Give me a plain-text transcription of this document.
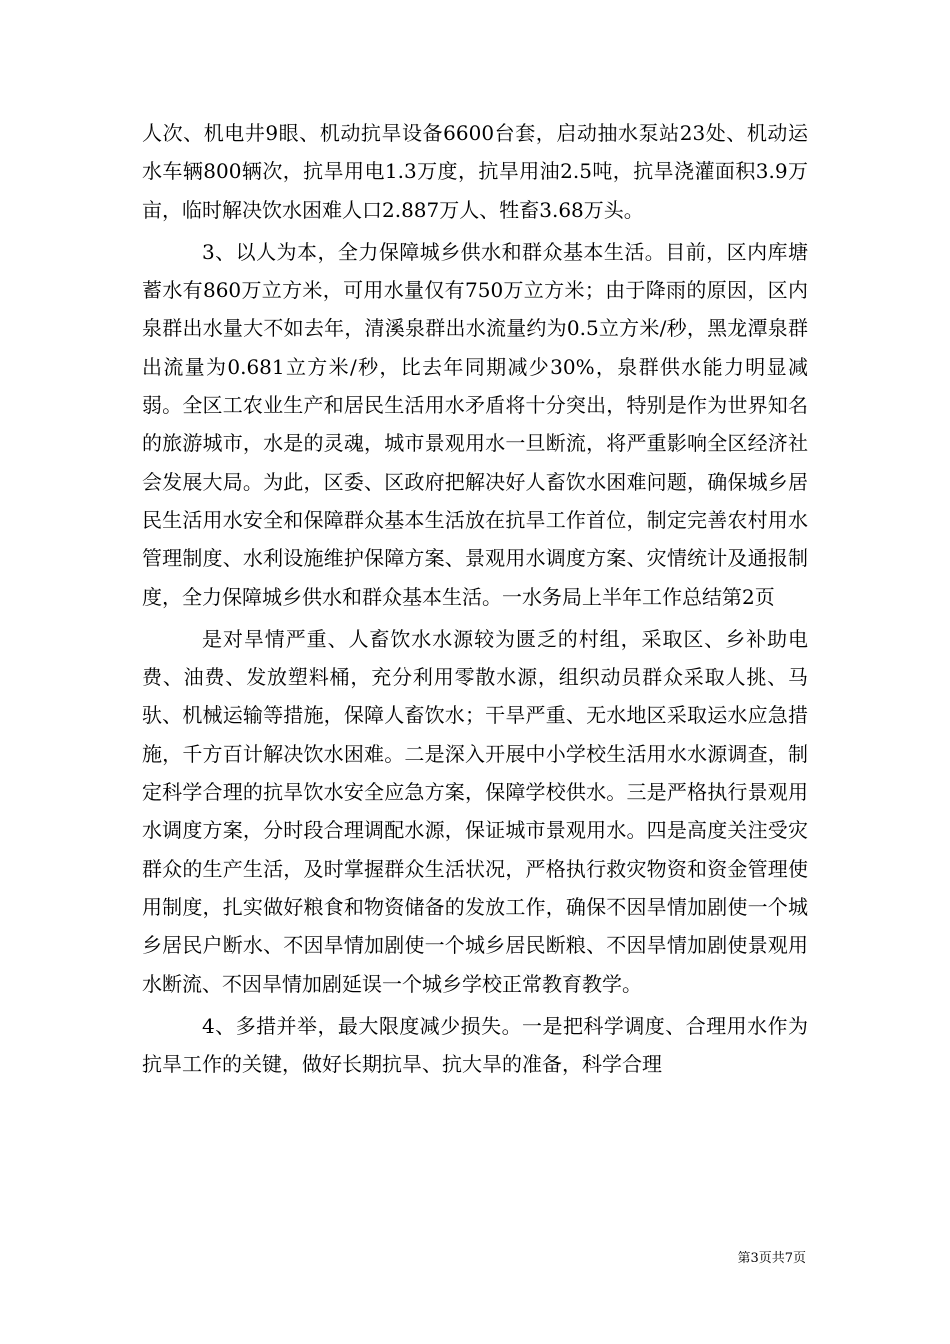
人次、机电井9眼、机动抗旱设备6600台套，启动抽水泵站23处、机动运水车辆800辆次，抗旱用电1.3万度，抗旱用油2.5吨，抗旱浇灌面积3.9万亩，临时解决饮水困难人口2.887万人、牲畜3.68万头。

3、以人为本，全力保障城乡供水和群众基本生活。目前，区内库塘蓄水有860万立方米，可用水量仅有750万立方米；由于降雨的原因，区内泉群出水量大不如去年，清溪泉群出水流量约为0.5立方米/秒，黑龙潭泉群出流量为0.681立方米/秒，比去年同期减少30%，泉群供水能力明显减弱。全区工农业生产和居民生活用水矛盾将十分突出，特别是作为世界知名的旅游城市，水是的灵魂，城市景观用水一旦断流，将严重影响全区经济社会发展大局。为此，区委、区政府把解决好人畜饮水困难问题，确保城乡居民生活用水安全和保障群众基本生活放在抗旱工作首位，制定完善农村用水管理制度、水利设施维护保障方案、景观用水调度方案、灾情统计及通报制度，全力保障城乡供水和群众基本生活。一水务局上半年工作总结第2页

是对旱情严重、人畜饮水水源较为匮乏的村组，采取区、乡补助电费、油费、发放塑料桶，充分利用零散水源，组织动员群众采取人挑、马驮、机械运输等措施，保障人畜饮水；干旱严重、无水地区采取运水应急措施，千方百计解决饮水困难。二是深入开展中小学校生活用水水源调查，制定科学合理的抗旱饮水安全应急方案，保障学校供水。三是严格执行景观用水调度方案，分时段合理调配水源，保证城市景观用水。四是高度关注受灾群众的生产生活，及时掌握群众生活状况，严格执行救灾物资和资金管理使用制度，扎实做好粮食和物资储备的发放工作，确保不因旱情加剧使一个城乡居民户断水、不因旱情加剧使一个城乡居民断粮、不因旱情加剧使景观用水断流、不因旱情加剧延误一个城乡学校正常教育教学。

4、多措并举，最大限度减少损失。一是把科学调度、合理用水作为抗旱工作的关键，做好长期抗旱、抗大旱的准备，科学合理

第3页共7页
